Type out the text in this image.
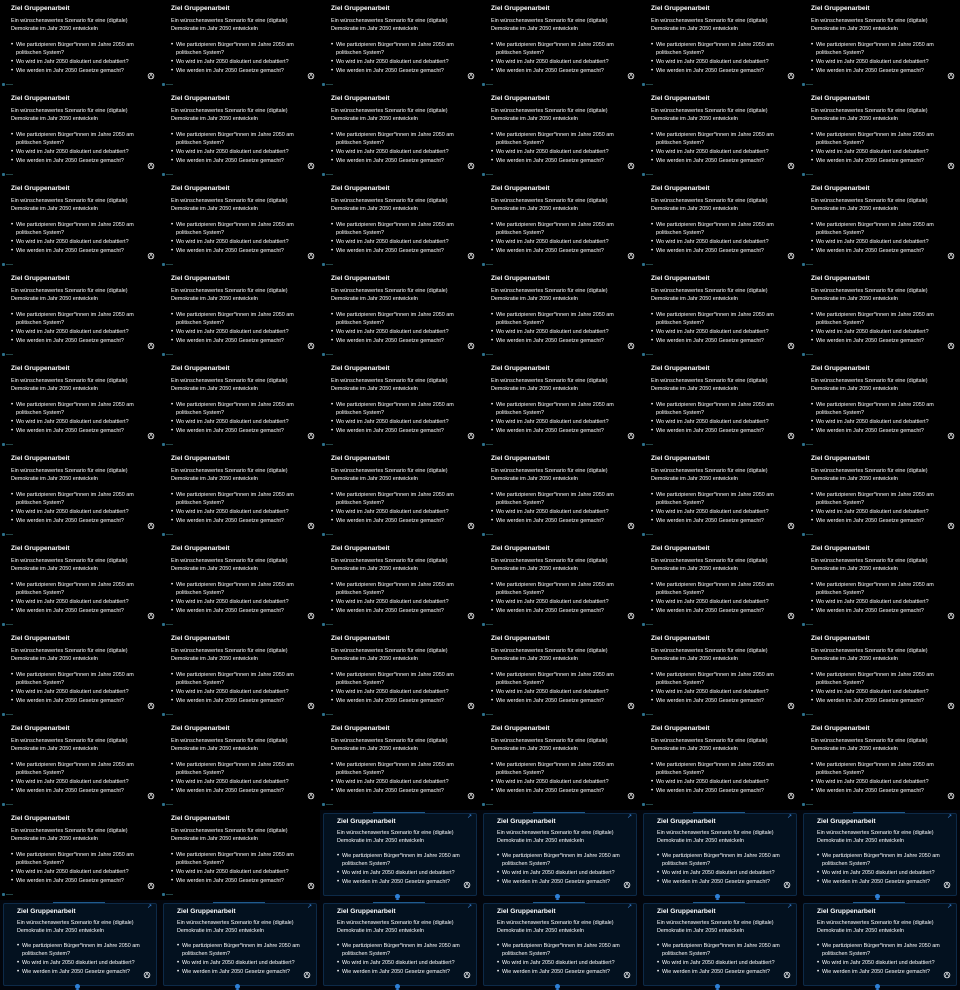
Ziel Gruppenarbeit
Ein wünschenswertes Szenario für eine (digitale) Demokratie im Jahr 2050 entwickeln
• Wie partizipieren Bürger*innen im Jahre 2050 am politischen System?
• Wo wird im Jahr 2050 diskutiert und debattiert?
• Wie werden im Jahr 2050 Gesetze gemacht?
Ziel Gruppenarbeit
Ein wünschenswertes Szenario für eine (digitale) Demokratie im Jahr 2050 entwickeln
• Wie partizipieren Bürger*innen im Jahre 2050 am politischen System?
• Wo wird im Jahr 2050 diskutiert und debattiert?
• Wie werden im Jahr 2050 Gesetze gemacht?
Ziel Gruppenarbeit
Ein wünschenswertes Szenario für eine (digitale) Demokratie im Jahr 2050 entwickeln
• Wie partizipieren Bürger*innen im Jahre 2050 am politischen System?
• Wo wird im Jahr 2050 diskutiert und debattiert?
• Wie werden im Jahr 2050 Gesetze gemacht?
Ziel Gruppenarbeit
Ein wünschenswertes Szenario für eine (digitale) Demokratie im Jahr 2050 entwickeln
• Wie partizipieren Bürger*innen im Jahre 2050 am politischen System?
• Wo wird im Jahr 2050 diskutiert und debattiert?
• Wie werden im Jahr 2050 Gesetze gemacht?
Ziel Gruppenarbeit
Ein wünschenswertes Szenario für eine (digitale) Demokratie im Jahr 2050 entwickeln
• Wie partizipieren Bürger*innen im Jahre 2050 am politischen System?
• Wo wird im Jahr 2050 diskutiert und debattiert?
• Wie werden im Jahr 2050 Gesetze gemacht?
Ziel Gruppenarbeit
Ein wünschenswertes Szenario für eine (digitale) Demokratie im Jahr 2050 entwickeln
• Wie partizipieren Bürger*innen im Jahre 2050 am politischen System?
• Wo wird im Jahr 2050 diskutiert und debattiert?
• Wie werden im Jahr 2050 Gesetze gemacht?
Ziel Gruppenarbeit
Ein wünschenswertes Szenario für eine (digitale) Demokratie im Jahr 2050 entwickeln
• Wie partizipieren Bürger*innen im Jahre 2050 am politischen System?
• Wo wird im Jahr 2050 diskutiert und debattiert?
• Wie werden im Jahr 2050 Gesetze gemacht?
Ziel Gruppenarbeit
Ein wünschenswertes Szenario für eine (digitale) Demokratie im Jahr 2050 entwickeln
• Wie partizipieren Bürger*innen im Jahre 2050 am politischen System?
• Wo wird im Jahr 2050 diskutiert und debattiert?
• Wie werden im Jahr 2050 Gesetze gemacht?
Ziel Gruppenarbeit
Ein wünschenswertes Szenario für eine (digitale) Demokratie im Jahr 2050 entwickeln
• Wie partizipieren Bürger*innen im Jahre 2050 am politischen System?
• Wo wird im Jahr 2050 diskutiert und debattiert?
• Wie werden im Jahr 2050 Gesetze gemacht?
Ziel Gruppenarbeit
Ein wünschenswertes Szenario für eine (digitale) Demokratie im Jahr 2050 entwickeln
• Wie partizipieren Bürger*innen im Jahre 2050 am politischen System?
• Wo wird im Jahr 2050 diskutiert und debattiert?
• Wie werden im Jahr 2050 Gesetze gemacht?
Ziel Gruppenarbeit
Ein wünschenswertes Szenario für eine (digitale) Demokratie im Jahr 2050 entwickeln
• Wie partizipieren Bürger*innen im Jahre 2050 am politischen System?
• Wo wird im Jahr 2050 diskutiert und debattiert?
• Wie werden im Jahr 2050 Gesetze gemacht?
Ziel Gruppenarbeit
Ein wünschenswertes Szenario für eine (digitale) Demokratie im Jahr 2050 entwickeln
• Wie partizipieren Bürger*innen im Jahre 2050 am politischen System?
• Wo wird im Jahr 2050 diskutiert und debattiert?
• Wie werden im Jahr 2050 Gesetze gemacht?
Ziel Gruppenarbeit
Ein wünschenswertes Szenario für eine (digitale) Demokratie im Jahr 2050 entwickeln
• Wie partizipieren Bürger*innen im Jahre 2050 am politischen System?
• Wo wird im Jahr 2050 diskutiert und debattiert?
• Wie werden im Jahr 2050 Gesetze gemacht?
Ziel Gruppenarbeit
Ein wünschenswertes Szenario für eine (digitale) Demokratie im Jahr 2050 entwickeln
• Wie partizipieren Bürger*innen im Jahre 2050 am politischen System?
• Wo wird im Jahr 2050 diskutiert und debattiert?
• Wie werden im Jahr 2050 Gesetze gemacht?
Ziel Gruppenarbeit
Ein wünschenswertes Szenario für eine (digitale) Demokratie im Jahr 2050 entwickeln
• Wie partizipieren Bürger*innen im Jahre 2050 am politischen System?
• Wo wird im Jahr 2050 diskutiert und debattiert?
• Wie werden im Jahr 2050 Gesetze gemacht?
Ziel Gruppenarbeit
Ein wünschenswertes Szenario für eine (digitale) Demokratie im Jahr 2050 entwickeln
• Wie partizipieren Bürger*innen im Jahre 2050 am politischen System?
• Wo wird im Jahr 2050 diskutiert und debattiert?
• Wie werden im Jahr 2050 Gesetze gemacht?
Ziel Gruppenarbeit
Ein wünschenswertes Szenario für eine (digitale) Demokratie im Jahr 2050 entwickeln
• Wie partizipieren Bürger*innen im Jahre 2050 am politischen System?
• Wo wird im Jahr 2050 diskutiert und debattiert?
• Wie werden im Jahr 2050 Gesetze gemacht?
Ziel Gruppenarbeit
Ein wünschenswertes Szenario für eine (digitale) Demokratie im Jahr 2050 entwickeln
• Wie partizipieren Bürger*innen im Jahre 2050 am politischen System?
• Wo wird im Jahr 2050 diskutiert und debattiert?
• Wie werden im Jahr 2050 Gesetze gemacht?
Ziel Gruppenarbeit
Ein wünschenswertes Szenario für eine (digitale) Demokratie im Jahr 2050 entwickeln
• Wie partizipieren Bürger*innen im Jahre 2050 am politischen System?
• Wo wird im Jahr 2050 diskutiert und debattiert?
• Wie werden im Jahr 2050 Gesetze gemacht?
Ziel Gruppenarbeit
Ein wünschenswertes Szenario für eine (digitale) Demokratie im Jahr 2050 entwickeln
• Wie partizipieren Bürger*innen im Jahre 2050 am politischen System?
• Wo wird im Jahr 2050 diskutiert und debattiert?
• Wie werden im Jahr 2050 Gesetze gemacht?
Ziel Gruppenarbeit
Ein wünschenswertes Szenario für eine (digitale) Demokratie im Jahr 2050 entwickeln
• Wie partizipieren Bürger*innen im Jahre 2050 am politischen System?
• Wo wird im Jahr 2050 diskutiert und debattiert?
• Wie werden im Jahr 2050 Gesetze gemacht?
Ziel Gruppenarbeit
Ein wünschenswertes Szenario für eine (digitale) Demokratie im Jahr 2050 entwickeln
• Wie partizipieren Bürger*innen im Jahre 2050 am politischen System?
• Wo wird im Jahr 2050 diskutiert und debattiert?
• Wie werden im Jahr 2050 Gesetze gemacht?
Ziel Gruppenarbeit
Ein wünschenswertes Szenario für eine (digitale) Demokratie im Jahr 2050 entwickeln
• Wie partizipieren Bürger*innen im Jahre 2050 am politischen System?
• Wo wird im Jahr 2050 diskutiert und debattiert?
• Wie werden im Jahr 2050 Gesetze gemacht?
Ziel Gruppenarbeit
Ein wünschenswertes Szenario für eine (digitale) Demokratie im Jahr 2050 entwickeln
• Wie partizipieren Bürger*innen im Jahre 2050 am politischen System?
• Wo wird im Jahr 2050 diskutiert und debattiert?
• Wie werden im Jahr 2050 Gesetze gemacht?
Ziel Gruppenarbeit
Ein wünschenswertes Szenario für eine (digitale) Demokratie im Jahr 2050 entwickeln
• Wie partizipieren Bürger*innen im Jahre 2050 am politischen System?
• Wo wird im Jahr 2050 diskutiert und debattiert?
• Wie werden im Jahr 2050 Gesetze gemacht?
Ziel Gruppenarbeit
Ein wünschenswertes Szenario für eine (digitale) Demokratie im Jahr 2050 entwickeln
• Wie partizipieren Bürger*innen im Jahre 2050 am politischen System?
• Wo wird im Jahr 2050 diskutiert und debattiert?
• Wie werden im Jahr 2050 Gesetze gemacht?
Ziel Gruppenarbeit
Ein wünschenswertes Szenario für eine (digitale) Demokratie im Jahr 2050 entwickeln
• Wie partizipieren Bürger*innen im Jahre 2050 am politischen System?
• Wo wird im Jahr 2050 diskutiert und debattiert?
• Wie werden im Jahr 2050 Gesetze gemacht?
Ziel Gruppenarbeit
Ein wünschenswertes Szenario für eine (digitale) Demokratie im Jahr 2050 entwickeln
• Wie partizipieren Bürger*innen im Jahre 2050 am politischen System?
• Wo wird im Jahr 2050 diskutiert und debattiert?
• Wie werden im Jahr 2050 Gesetze gemacht?
Ziel Gruppenarbeit
Ein wünschenswertes Szenario für eine (digitale) Demokratie im Jahr 2050 entwickeln
• Wie partizipieren Bürger*innen im Jahre 2050 am politischen System?
• Wo wird im Jahr 2050 diskutiert und debattiert?
• Wie werden im Jahr 2050 Gesetze gemacht?
Ziel Gruppenarbeit
Ein wünschenswertes Szenario für eine (digitale) Demokratie im Jahr 2050 entwickeln
• Wie partizipieren Bürger*innen im Jahre 2050 am politischen System?
• Wo wird im Jahr 2050 diskutiert und debattiert?
• Wie werden im Jahr 2050 Gesetze gemacht?
Ziel Gruppenarbeit
Ein wünschenswertes Szenario für eine (digitale) Demokratie im Jahr 2050 entwickeln
• Wie partizipieren Bürger*innen im Jahre 2050 am politischen System?
• Wo wird im Jahr 2050 diskutiert und debattiert?
• Wie werden im Jahr 2050 Gesetze gemacht?
Ziel Gruppenarbeit
Ein wünschenswertes Szenario für eine (digitale) Demokratie im Jahr 2050 entwickeln
• Wie partizipieren Bürger*innen im Jahre 2050 am politischen System?
• Wo wird im Jahr 2050 diskutiert und debattiert?
• Wie werden im Jahr 2050 Gesetze gemacht?
Ziel Gruppenarbeit
Ein wünschenswertes Szenario für eine (digitale) Demokratie im Jahr 2050 entwickeln
• Wie partizipieren Bürger*innen im Jahre 2050 am politischen System?
• Wo wird im Jahr 2050 diskutiert und debattiert?
• Wie werden im Jahr 2050 Gesetze gemacht?
Ziel Gruppenarbeit
Ein wünschenswertes Szenario für eine (digitale) Demokratie im Jahr 2050 entwickeln
• Wie partizipieren Bürger*innen im Jahre 2050 am politischen System?
• Wo wird im Jahr 2050 diskutiert und debattiert?
• Wie werden im Jahr 2050 Gesetze gemacht?
Ziel Gruppenarbeit
Ein wünschenswertes Szenario für eine (digitale) Demokratie im Jahr 2050 entwickeln
• Wie partizipieren Bürger*innen im Jahre 2050 am politischen System?
• Wo wird im Jahr 2050 diskutiert und debattiert?
• Wie werden im Jahr 2050 Gesetze gemacht?
Ziel Gruppenarbeit
Ein wünschenswertes Szenario für eine (digitale) Demokratie im Jahr 2050 entwickeln
• Wie partizipieren Bürger*innen im Jahre 2050 am politischen System?
• Wo wird im Jahr 2050 diskutiert und debattiert?
• Wie werden im Jahr 2050 Gesetze gemacht?
Ziel Gruppenarbeit
Ein wünschenswertes Szenario für eine (digitale) Demokratie im Jahr 2050 entwickeln
• Wie partizipieren Bürger*innen im Jahre 2050 am politischen System?
• Wo wird im Jahr 2050 diskutiert und debattiert?
• Wie werden im Jahr 2050 Gesetze gemacht?
Ziel Gruppenarbeit
Ein wünschenswertes Szenario für eine (digitale) Demokratie im Jahr 2050 entwickeln
• Wie partizipieren Bürger*innen im Jahre 2050 am politischen System?
• Wo wird im Jahr 2050 diskutiert und debattiert?
• Wie werden im Jahr 2050 Gesetze gemacht?
Ziel Gruppenarbeit
Ein wünschenswertes Szenario für eine (digitale) Demokratie im Jahr 2050 entwickeln
• Wie partizipieren Bürger*innen im Jahre 2050 am politischen System?
• Wo wird im Jahr 2050 diskutiert und debattiert?
• Wie werden im Jahr 2050 Gesetze gemacht?
Ziel Gruppenarbeit
Ein wünschenswertes Szenario für eine (digitale) Demokratie im Jahr 2050 entwickeln
• Wie partizipieren Bürger*innen im Jahre 2050 am politischen System?
• Wo wird im Jahr 2050 diskutiert und debattiert?
• Wie werden im Jahr 2050 Gesetze gemacht?
Ziel Gruppenarbeit
Ein wünschenswertes Szenario für eine (digitale) Demokratie im Jahr 2050 entwickeln
• Wie partizipieren Bürger*innen im Jahre 2050 am politischen System?
• Wo wird im Jahr 2050 diskutiert und debattiert?
• Wie werden im Jahr 2050 Gesetze gemacht?
Ziel Gruppenarbeit
Ein wünschenswertes Szenario für eine (digitale) Demokratie im Jahr 2050 entwickeln
• Wie partizipieren Bürger*innen im Jahre 2050 am politischen System?
• Wo wird im Jahr 2050 diskutiert und debattiert?
• Wie werden im Jahr 2050 Gesetze gemacht?
Ziel Gruppenarbeit
Ein wünschenswertes Szenario für eine (digitale) Demokratie im Jahr 2050 entwickeln
• Wie partizipieren Bürger*innen im Jahre 2050 am politischen System?
• Wo wird im Jahr 2050 diskutiert und debattiert?
• Wie werden im Jahr 2050 Gesetze gemacht?
Ziel Gruppenarbeit
Ein wünschenswertes Szenario für eine (digitale) Demokratie im Jahr 2050 entwickeln
• Wie partizipieren Bürger*innen im Jahre 2050 am politischen System?
• Wo wird im Jahr 2050 diskutiert und debattiert?
• Wie werden im Jahr 2050 Gesetze gemacht?
Ziel Gruppenarbeit
Ein wünschenswertes Szenario für eine (digitale) Demokratie im Jahr 2050 entwickeln
• Wie partizipieren Bürger*innen im Jahre 2050 am politischen System?
• Wo wird im Jahr 2050 diskutiert und debattiert?
• Wie werden im Jahr 2050 Gesetze gemacht?
Ziel Gruppenarbeit
Ein wünschenswertes Szenario für eine (digitale) Demokratie im Jahr 2050 entwickeln
• Wie partizipieren Bürger*innen im Jahre 2050 am politischen System?
• Wo wird im Jahr 2050 diskutiert und debattiert?
• Wie werden im Jahr 2050 Gesetze gemacht?
Ziel Gruppenarbeit
Ein wünschenswertes Szenario für eine (digitale) Demokratie im Jahr 2050 entwickeln
• Wie partizipieren Bürger*innen im Jahre 2050 am politischen System?
• Wo wird im Jahr 2050 diskutiert und debattiert?
• Wie werden im Jahr 2050 Gesetze gemacht?
Ziel Gruppenarbeit
Ein wünschenswertes Szenario für eine (digitale) Demokratie im Jahr 2050 entwickeln
• Wie partizipieren Bürger*innen im Jahre 2050 am politischen System?
• Wo wird im Jahr 2050 diskutiert und debattiert?
• Wie werden im Jahr 2050 Gesetze gemacht?
Ziel Gruppenarbeit
Ein wünschenswertes Szenario für eine (digitale) Demokratie im Jahr 2050 entwickeln
• Wie partizipieren Bürger*innen im Jahre 2050 am politischen System?
• Wo wird im Jahr 2050 diskutiert und debattiert?
• Wie werden im Jahr 2050 Gesetze gemacht?
Ziel Gruppenarbeit
Ein wünschenswertes Szenario für eine (digitale) Demokratie im Jahr 2050 entwickeln
• Wie partizipieren Bürger*innen im Jahre 2050 am politischen System?
• Wo wird im Jahr 2050 diskutiert und debattiert?
• Wie werden im Jahr 2050 Gesetze gemacht?
Ziel Gruppenarbeit
Ein wünschenswertes Szenario für eine (digitale) Demokratie im Jahr 2050 entwickeln
• Wie partizipieren Bürger*innen im Jahre 2050 am politischen System?
• Wo wird im Jahr 2050 diskutiert und debattiert?
• Wie werden im Jahr 2050 Gesetze gemacht?
Ziel Gruppenarbeit
Ein wünschenswertes Szenario für eine (digitale) Demokratie im Jahr 2050 entwickeln
• Wie partizipieren Bürger*innen im Jahre 2050 am politischen System?
• Wo wird im Jahr 2050 diskutiert und debattiert?
• Wie werden im Jahr 2050 Gesetze gemacht?
Ziel Gruppenarbeit
Ein wünschenswertes Szenario für eine (digitale) Demokratie im Jahr 2050 entwickeln
• Wie partizipieren Bürger*innen im Jahre 2050 am politischen System?
• Wo wird im Jahr 2050 diskutiert und debattiert?
• Wie werden im Jahr 2050 Gesetze gemacht?
Ziel Gruppenarbeit
Ein wünschenswertes Szenario für eine (digitale) Demokratie im Jahr 2050 entwickeln
• Wie partizipieren Bürger*innen im Jahre 2050 am politischen System?
• Wo wird im Jahr 2050 diskutiert und debattiert?
• Wie werden im Jahr 2050 Gesetze gemacht?
Ziel Gruppenarbeit
Ein wünschenswertes Szenario für eine (digitale) Demokratie im Jahr 2050 entwickeln
• Wie partizipieren Bürger*innen im Jahre 2050 am politischen System?
• Wo wird im Jahr 2050 diskutiert und debattiert?
• Wie werden im Jahr 2050 Gesetze gemacht?
Ziel Gruppenarbeit
Ein wünschenswertes Szenario für eine (digitale) Demokratie im Jahr 2050 entwickeln
• Wie partizipieren Bürger*innen im Jahre 2050 am politischen System?
• Wo wird im Jahr 2050 diskutiert und debattiert?
• Wie werden im Jahr 2050 Gesetze gemacht?
↗
Ziel Gruppenarbeit
Ein wünschenswertes Szenario für eine (digitale) Demokratie im Jahr 2050 entwickeln
• Wie partizipieren Bürger*innen im Jahre 2050 am politischen System?
• Wo wird im Jahr 2050 diskutiert und debattiert?
• Wie werden im Jahr 2050 Gesetze gemacht?
↗
Ziel Gruppenarbeit
Ein wünschenswertes Szenario für eine (digitale) Demokratie im Jahr 2050 entwickeln
• Wie partizipieren Bürger*innen im Jahre 2050 am politischen System?
• Wo wird im Jahr 2050 diskutiert und debattiert?
• Wie werden im Jahr 2050 Gesetze gemacht?
↗
Ziel Gruppenarbeit
Ein wünschenswertes Szenario für eine (digitale) Demokratie im Jahr 2050 entwickeln
• Wie partizipieren Bürger*innen im Jahre 2050 am politischen System?
• Wo wird im Jahr 2050 diskutiert und debattiert?
• Wie werden im Jahr 2050 Gesetze gemacht?
↗
Ziel Gruppenarbeit
Ein wünschenswertes Szenario für eine (digitale) Demokratie im Jahr 2050 entwickeln
• Wie partizipieren Bürger*innen im Jahre 2050 am politischen System?
• Wo wird im Jahr 2050 diskutiert und debattiert?
• Wie werden im Jahr 2050 Gesetze gemacht?
↗
Ziel Gruppenarbeit
Ein wünschenswertes Szenario für eine (digitale) Demokratie im Jahr 2050 entwickeln
• Wie partizipieren Bürger*innen im Jahre 2050 am politischen System?
• Wo wird im Jahr 2050 diskutiert und debattiert?
• Wie werden im Jahr 2050 Gesetze gemacht?
↗
Ziel Gruppenarbeit
Ein wünschenswertes Szenario für eine (digitale) Demokratie im Jahr 2050 entwickeln
• Wie partizipieren Bürger*innen im Jahre 2050 am politischen System?
• Wo wird im Jahr 2050 diskutiert und debattiert?
• Wie werden im Jahr 2050 Gesetze gemacht?
↗
Ziel Gruppenarbeit
Ein wünschenswertes Szenario für eine (digitale) Demokratie im Jahr 2050 entwickeln
• Wie partizipieren Bürger*innen im Jahre 2050 am politischen System?
• Wo wird im Jahr 2050 diskutiert und debattiert?
• Wie werden im Jahr 2050 Gesetze gemacht?
↗
Ziel Gruppenarbeit
Ein wünschenswertes Szenario für eine (digitale) Demokratie im Jahr 2050 entwickeln
• Wie partizipieren Bürger*innen im Jahre 2050 am politischen System?
• Wo wird im Jahr 2050 diskutiert und debattiert?
• Wie werden im Jahr 2050 Gesetze gemacht?
↗
Ziel Gruppenarbeit
Ein wünschenswertes Szenario für eine (digitale) Demokratie im Jahr 2050 entwickeln
• Wie partizipieren Bürger*innen im Jahre 2050 am politischen System?
• Wo wird im Jahr 2050 diskutiert und debattiert?
• Wie werden im Jahr 2050 Gesetze gemacht?
↗
Ziel Gruppenarbeit
Ein wünschenswertes Szenario für eine (digitale) Demokratie im Jahr 2050 entwickeln
• Wie partizipieren Bürger*innen im Jahre 2050 am politischen System?
• Wo wird im Jahr 2050 diskutiert und debattiert?
• Wie werden im Jahr 2050 Gesetze gemacht?
